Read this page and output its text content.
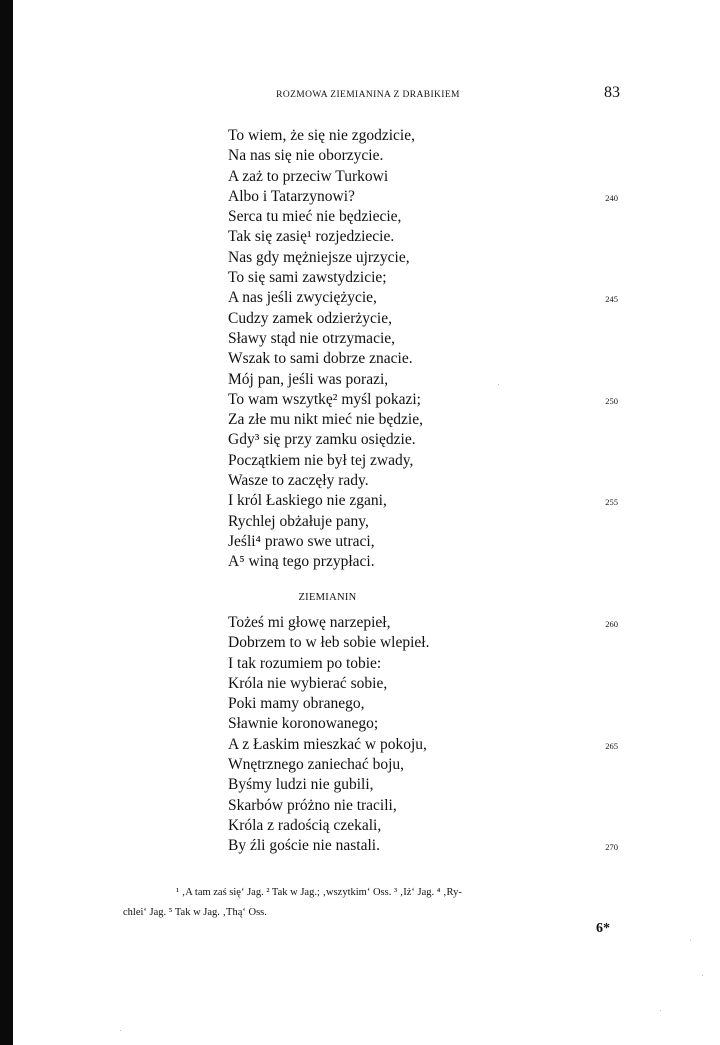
ROZMOWA ZIEMIANINA Z DRABIKIEM	83
To wiem, że się nie zgodzicie,
Na nas się nie oborzycie.
A zaż to przeciw Turkowi
Albo i Tatarzynowi?	240
Serca tu mieć nie będziecie,
Tak się zasię¹ rozjedziecie.
Nas gdy mężniejsze ujrzycie,
To się sami zawstydzicie;
A nas jeśli zwyciężycie,	245
Cudzy zamek odzierżycie,
Sławy stąd nie otrzymacie,
Wszak to sami dobrze znacie.
Mój pan, jeśli was porazi,
To wam wszytkę² myśl pokazi;	250
Za złe mu nikt mieć nie będzie,
Gdy³ się przy zamku osiędzie.
Początkiem nie był tej zwady,
Wasze to zaczęły rady.
I król Łaskiego nie zgani,	255
Rychlej obżałuje pany,
Jeśli⁴ prawo swe utraci,
A⁵ winą tego przypłaci.
ZIEMIANIN
Tożeś mi głowę narzepieł,	260
Dobrzem to w łeb sobie wlepieł.
I tak rozumiem po tobie:
Króla nie wybierać sobie,
Poki mamy obranego,
Sławnie koronowanego;
A z Łaskim mieszkać w pokoju,	265
Wnętrznego zaniechać boju,
Byśmy ludzi nie gubili,
Skarbów próżno nie tracili,
Króla z radością czekali,
By źli goście nie nastali.	270
¹ ‚A tam zaś się‘ Jag. ² Tak w Jag.; ‚wszytkim‘ Oss. ³ ‚Iż‘ Jag. ⁴ ‚Ry-
chlei‘ Jag. ⁵ Tak w Jag. ‚Thą‘ Oss.
6*
